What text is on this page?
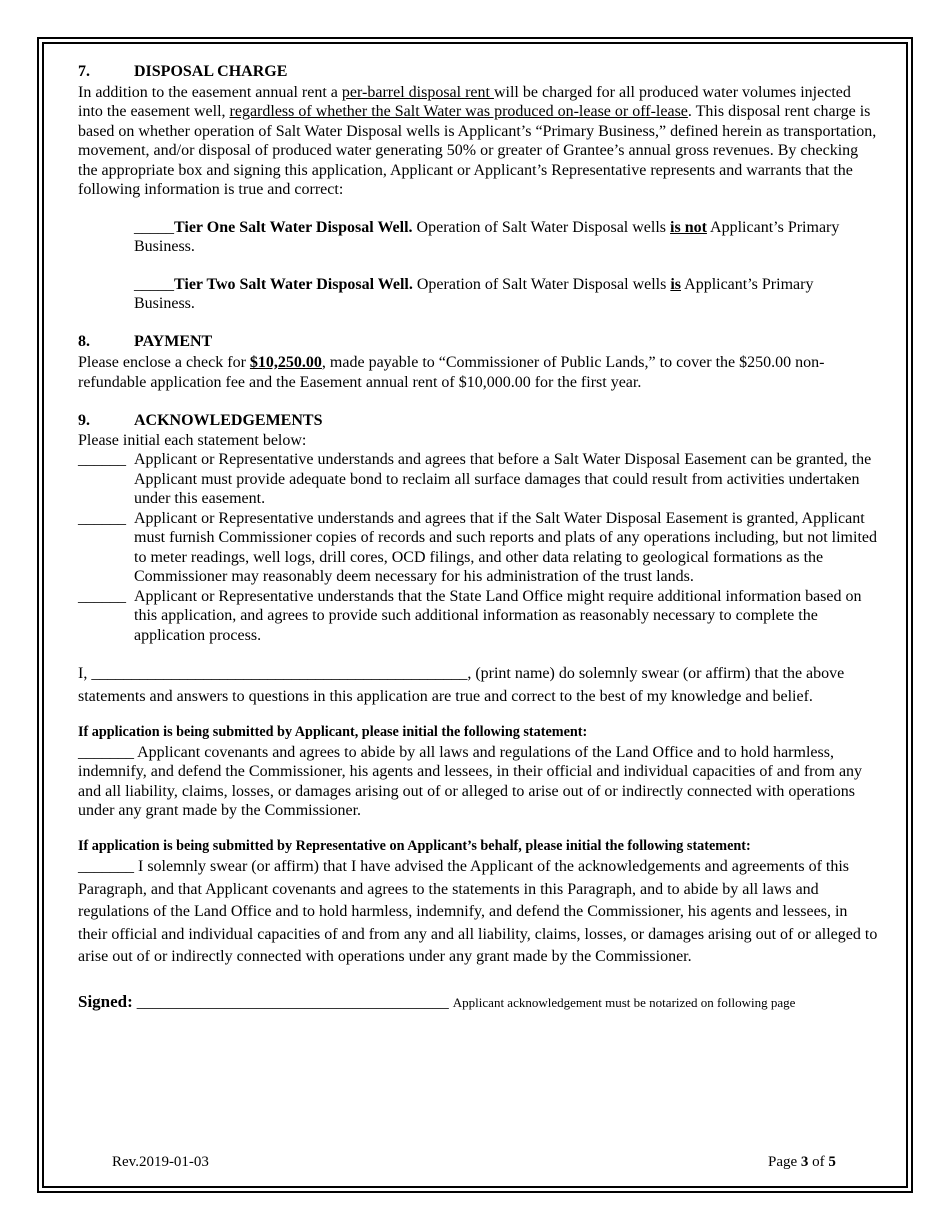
7.	DISPOSAL CHARGE

In addition to the easement annual rent a per-barrel disposal rent will be charged for all produced water volumes injected into the easement well, regardless of whether the Salt Water was produced on-lease or off-lease. This disposal rent charge is based on whether operation of Salt Water Disposal wells is Applicant’s “Primary Business,” defined herein as transportation, movement, and/or disposal of produced water generating 50% or greater of Grantee’s annual gross revenues. By checking the appropriate box and signing this application, Applicant or Applicant’s Representative represents and warrants that the following information is true and correct:

_____Tier One Salt Water Disposal Well. Operation of Salt Water Disposal wells is not Applicant’s Primary Business.

_____Tier Two Salt Water Disposal Well. Operation of Salt Water Disposal wells is Applicant’s Primary Business.

8.	PAYMENT

Please enclose a check for $10,250.00, made payable to “Commissioner of Public Lands,” to cover the $250.00 non-refundable application fee and the Easement annual rent of $10,000.00 for the first year.

9.	ACKNOWLEDGEMENTS

Please initial each statement below:

______ Applicant or Representative understands and agrees that before a Salt Water Disposal Easement can be granted, the Applicant must provide adequate bond to reclaim all surface damages that could result from activities undertaken under this easement.
______ Applicant or Representative understands and agrees that if the Salt Water Disposal Easement is granted, Applicant must furnish Commissioner copies of records and such reports and plats of any operations including, but not limited to meter readings, well logs, drill cores, OCD filings, and other data relating to geological formations as the Commissioner may reasonably deem necessary for his administration of the trust lands.
______ Applicant or Representative understands that the State Land Office might require additional information based on this application, and agrees to provide such additional information as reasonably necessary to complete the application process.

I, _______________________________________________, (print name) do solemnly swear (or affirm) that the above statements and answers to questions in this application are true and correct to the best of my knowledge and belief.

If application is being submitted by Applicant, please initial the following statement:

_______ Applicant covenants and agrees to abide by all laws and regulations of the Land Office and to hold harmless, indemnify, and defend the Commissioner, his agents and lessees, in their official and individual capacities of and from any and all liability, claims, losses, or damages arising out of or alleged to arise out of or indirectly connected with operations under any grant made by the Commissioner.

If application is being submitted by Representative on Applicant’s behalf, please initial the following statement:

_______ I solemnly swear (or affirm) that I have advised the Applicant of the acknowledgements and agreements of this Paragraph, and that Applicant covenants and agrees to the statements in this Paragraph, and to abide by all laws and regulations of the Land Office and to hold harmless, indemnify, and defend the Commissioner, his agents and lessees, in their official and individual capacities of and from any and all liability, claims, losses, or damages arising out of or alleged to arise out of or indirectly connected with operations under any grant made by the Commissioner.

Signed: _______________________________________ Applicant acknowledgement must be notarized on following page

Rev.2019-01-03	Page 3 of 5
